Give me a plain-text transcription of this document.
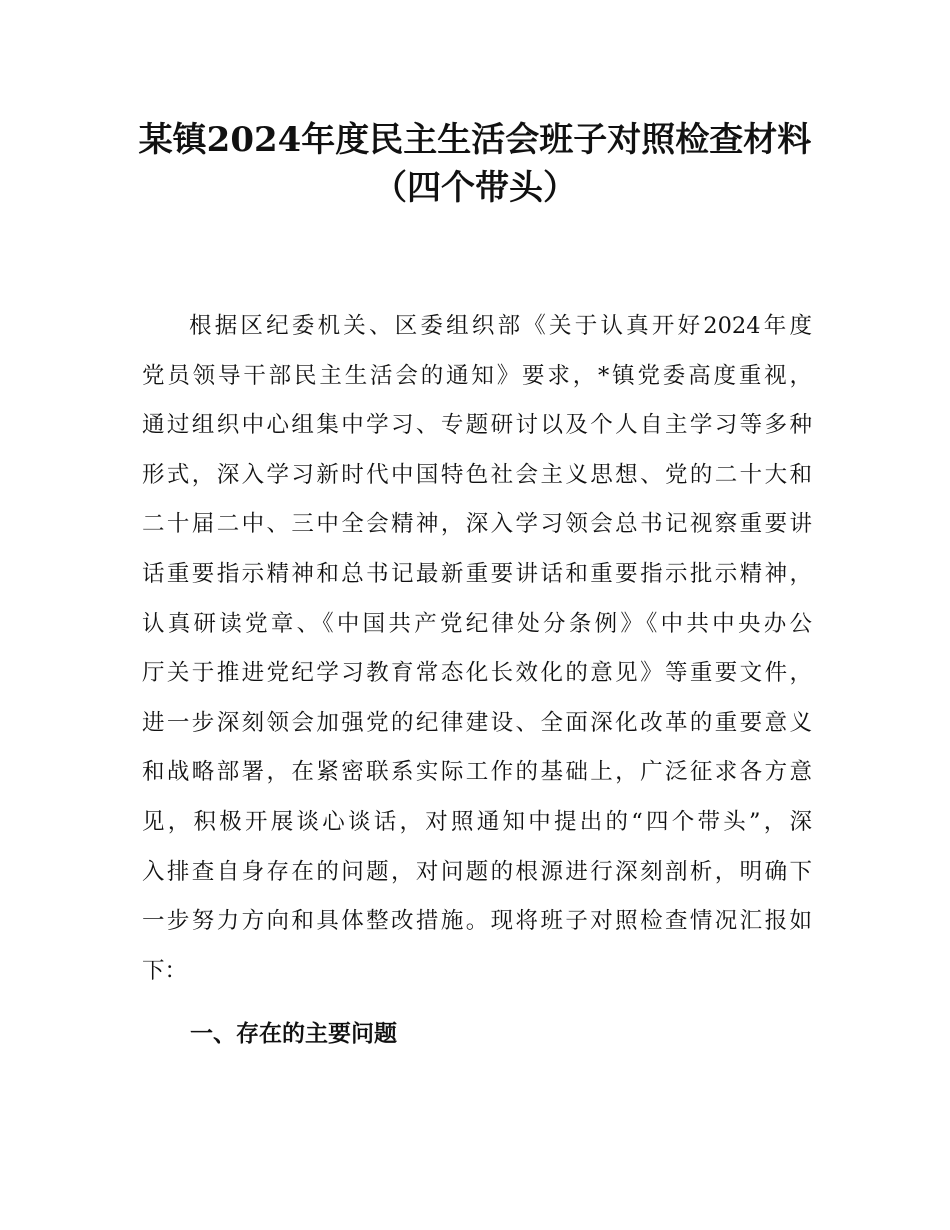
某镇2024年度民主生活会班子对照检查材料
（四个带头）
根据区纪委机关、区委组织部《关于认真开好2024年度
党员领导干部民主生活会的通知》要求，*镇党委高度重视，
通过组织中心组集中学习、专题研讨以及个人自主学习等多种
形式，深入学习新时代中国特色社会主义思想、党的二十大和
二十届二中、三中全会精神，深入学习领会总书记视察重要讲
话重要指示精神和总书记最新重要讲话和重要指示批示精神，
认真研读党章、《中国共产党纪律处分条例》《中共中央办公
厅关于推进党纪学习教育常态化长效化的意见》等重要文件，
进一步深刻领会加强党的纪律建设、全面深化改革的重要意义
和战略部署，在紧密联系实际工作的基础上，广泛征求各方意
见，积极开展谈心谈话，对照通知中提出的“四个带头”，深
入排查自身存在的问题，对问题的根源进行深刻剖析，明确下
一步努力方向和具体整改措施。现将班子对照检查情况汇报如
下：
一、存在的主要问题
